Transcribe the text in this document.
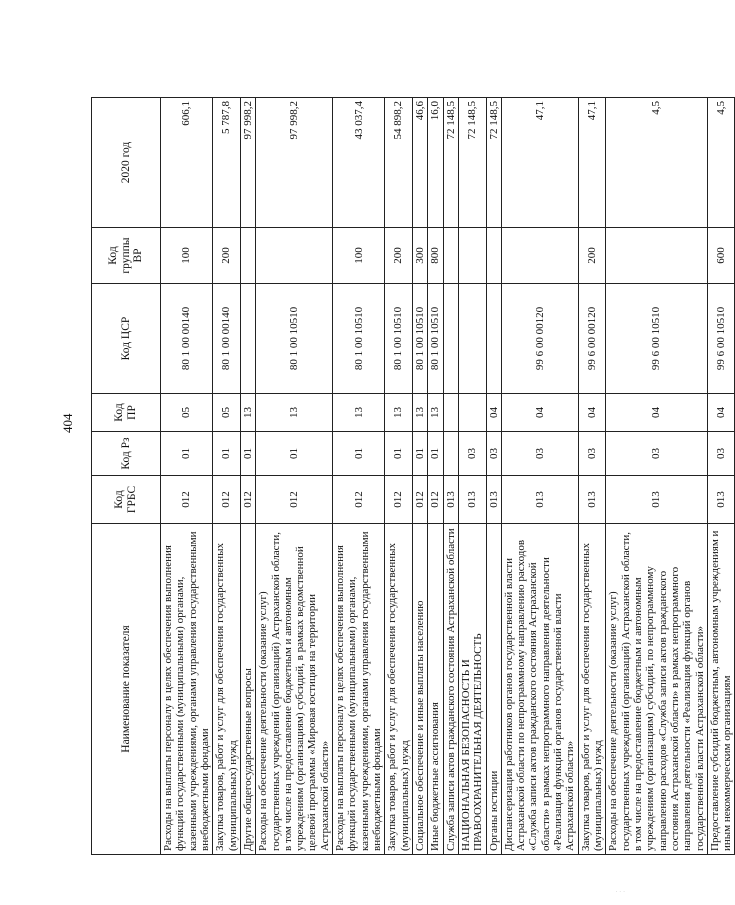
404
Наименование показателя	Код ГРБС	Код Рз	Код ПР	Код ЦСР	Код группы ВР	2020 год
Расходы на выплаты персоналу в целях обеспечения выполнения функций государственными (муниципальными) органами, казенными учреждениями, органами управления государственными внебюджетными фондами	012	01	05	80 1 00 00140	100	606,1
Закупка товаров, работ и услуг для обеспечения государственных (муниципальных) нужд	012	01	05	80 1 00 00140	200	5 787,8
Другие общегосударственные вопросы	012	01	13			97 998,2
Расходы на обеспечение деятельности (оказание услуг) государственных учреждений (организаций) Астраханской области, в том числе на предоставление бюджетным и автономным учреждениям (организациям) субсидий, в рамках ведомственной целевой программы «Мировая юстиция на территории Астраханской области»	012	01	13	80 1 00 10510		97 998,2
Расходы на выплаты персоналу в целях обеспечения выполнения функций государственными (муниципальными) органами, казенными учреждениями, органами управления государственными внебюджетными фондами	012	01	13	80 1 00 10510	100	43 037,4
Закупка товаров, работ и услуг для обеспечения государственных (муниципальных) нужд	012	01	13	80 1 00 10510	200	54 898,2
Социальное обеспечение и иные выплаты населению	012	01	13	80 1 00 10510	300	46,6
Иные бюджетные ассигнования	012	01	13	80 1 00 10510	800	16,0
Служба записи актов гражданского состояния Астраханской области	013					72 148,5
НАЦИОНАЛЬНАЯ БЕЗОПАСНОСТЬ И ПРАВООХРАНИТЕЛЬНАЯ ДЕЯТЕЛЬНОСТЬ	013	03				72 148,5
Органы юстиции	013	03	04			72 148,5
Диспансеризация работников органов государственной власти Астраханской области по непрограммному направлению расходов «Служба записи актов гражданского состояния Астраханской области» в рамках непрограммного направления деятельности «Реализация функций органов государственной власти Астраханской области»	013	03	04	99 6 00 00120		47,1
Закупка товаров, работ и услуг для обеспечения государственных (муниципальных) нужд	013	03	04	99 6 00 00120	200	47,1
Расходы на обеспечение деятельности (оказание услуг) государственных учреждений (организаций) Астраханской области, в том числе на предоставление бюджетным и автономным учреждениям (организациям) субсидий, по непрограммному направлению расходов «Служба записи актов гражданского состояния Астраханской области» в рамках непрограммного направления деятельности «Реализация функций органов государственной власти Астраханской области»	013	03	04	99 6 00 10510		4,5
Предоставление субсидий бюджетным, автономным учреждениям и иным некоммерческим организациям	013	03	04	99 6 00 10510	600	4,5
· · ·
